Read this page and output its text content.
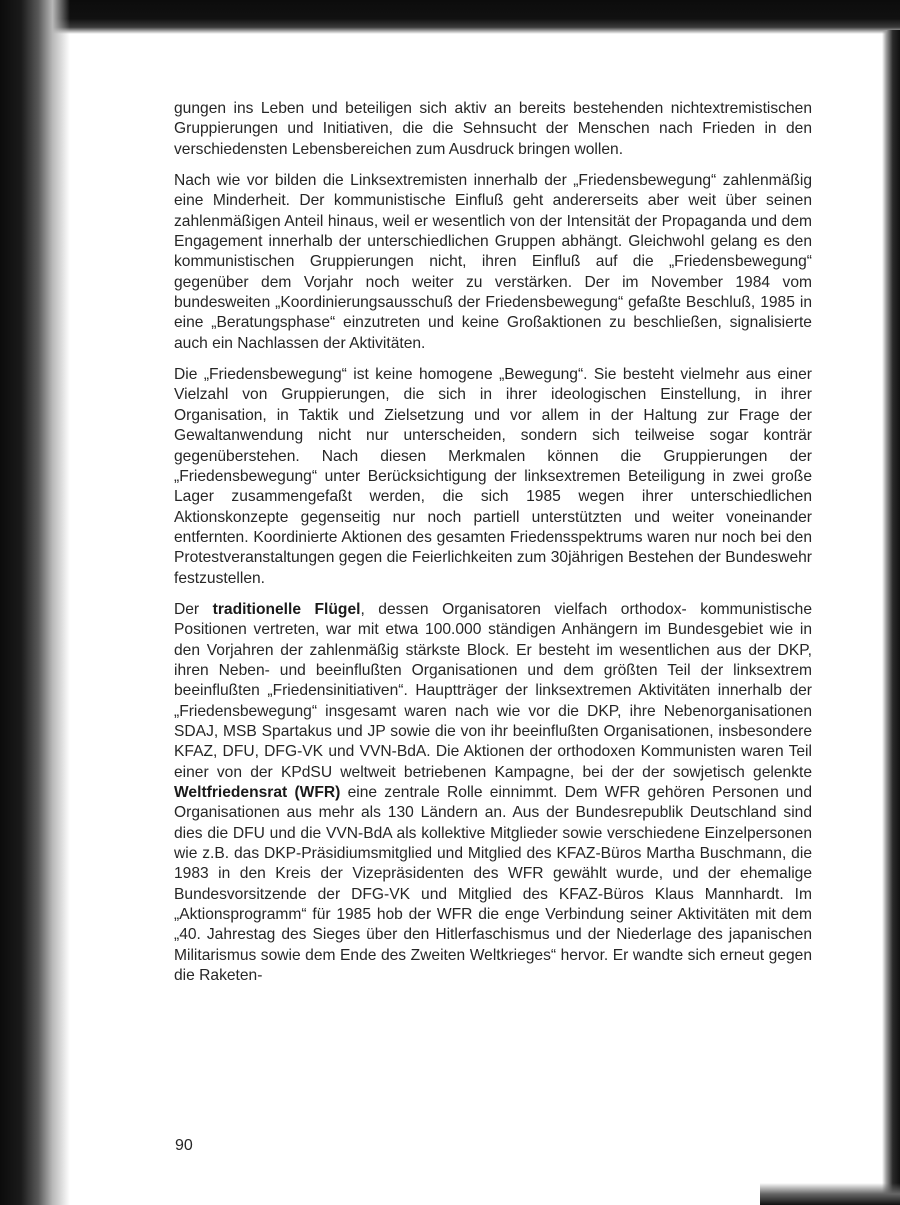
gungen ins Leben und beteiligen sich aktiv an bereits bestehenden nichtextremistischen Gruppierungen und Initiativen, die die Sehnsucht der Menschen nach Frieden in den verschiedensten Lebensbereichen zum Ausdruck bringen wollen.

Nach wie vor bilden die Linksextremisten innerhalb der „Friedensbewegung“ zahlenmäßig eine Minderheit. Der kommunistische Einfluß geht andererseits aber weit über seinen zahlenmäßigen Anteil hinaus, weil er wesentlich von der Intensität der Propaganda und dem Engagement innerhalb der unterschiedlichen Gruppen abhängt. Gleichwohl gelang es den kommunistischen Gruppierungen nicht, ihren Einfluß auf die „Friedensbewegung“ gegenüber dem Vorjahr noch weiter zu verstärken. Der im November 1984 vom bundesweiten „Koordinierungsausschuß der Friedensbewegung“ gefaßte Beschluß, 1985 in eine „Beratungsphase“ einzutreten und keine Großaktionen zu beschließen, signalisierte auch ein Nachlassen der Aktivitäten.

Die „Friedensbewegung“ ist keine homogene „Bewegung“. Sie besteht vielmehr aus einer Vielzahl von Gruppierungen, die sich in ihrer ideologischen Einstellung, in ihrer Organisation, in Taktik und Zielsetzung und vor allem in der Haltung zur Frage der Gewaltanwendung nicht nur unterscheiden, sondern sich teilweise sogar konträr gegenüberstehen. Nach diesen Merkmalen können die Gruppierungen der „Friedensbewegung“ unter Berücksichtigung der linksextremen Beteiligung in zwei große Lager zusammengefaßt werden, die sich 1985 wegen ihrer unterschiedlichen Aktionskonzepte gegenseitig nur noch partiell unterstützten und weiter voneinander entfernten. Koordinierte Aktionen des gesamten Friedensspektrums waren nur noch bei den Protestveranstaltungen gegen die Feierlichkeiten zum 30jährigen Bestehen der Bundeswehr festzustellen.

Der traditionelle Flügel, dessen Organisatoren vielfach orthodox- kommunistische Positionen vertreten, war mit etwa 100.000 ständigen Anhängern im Bundesgebiet wie in den Vorjahren der zahlenmäßig stärkste Block. Er besteht im wesentlichen aus der DKP, ihren Neben- und beeinflußten Organisationen und dem größten Teil der linksextrem beeinflußten „Friedensinitiativen“. Hauptträger der linksextremen Aktivitäten innerhalb der „Friedensbewegung“ insgesamt waren nach wie vor die DKP, ihre Nebenorganisationen SDAJ, MSB Spartakus und JP sowie die von ihr beeinflußten Organisationen, insbesondere KFAZ, DFU, DFG-VK und VVN-BdA. Die Aktionen der orthodoxen Kommunisten waren Teil einer von der KPdSU weltweit betriebenen Kampagne, bei der der sowjetisch gelenkte Weltfriedensrat (WFR) eine zentrale Rolle einnimmt. Dem WFR gehören Personen und Organisationen aus mehr als 130 Ländern an. Aus der Bundesrepublik Deutschland sind dies die DFU und die VVN-BdA als kollektive Mitglieder sowie verschiedene Einzelpersonen wie z.B. das DKP-Präsidiumsmitglied und Mitglied des KFAZ-Büros Martha Buschmann, die 1983 in den Kreis der Vizepräsidenten des WFR gewählt wurde, und der ehemalige Bundesvorsitzende der DFG-VK und Mitglied des KFAZ-Büros Klaus Mannhardt. Im „Aktionsprogramm“ für 1985 hob der WFR die enge Verbindung seiner Aktivitäten mit dem „40. Jahrestag des Sieges über den Hitlerfaschismus und der Niederlage des japanischen Militarismus sowie dem Ende des Zweiten Weltkrieges“ hervor. Er wandte sich erneut gegen die Raketen-

90
